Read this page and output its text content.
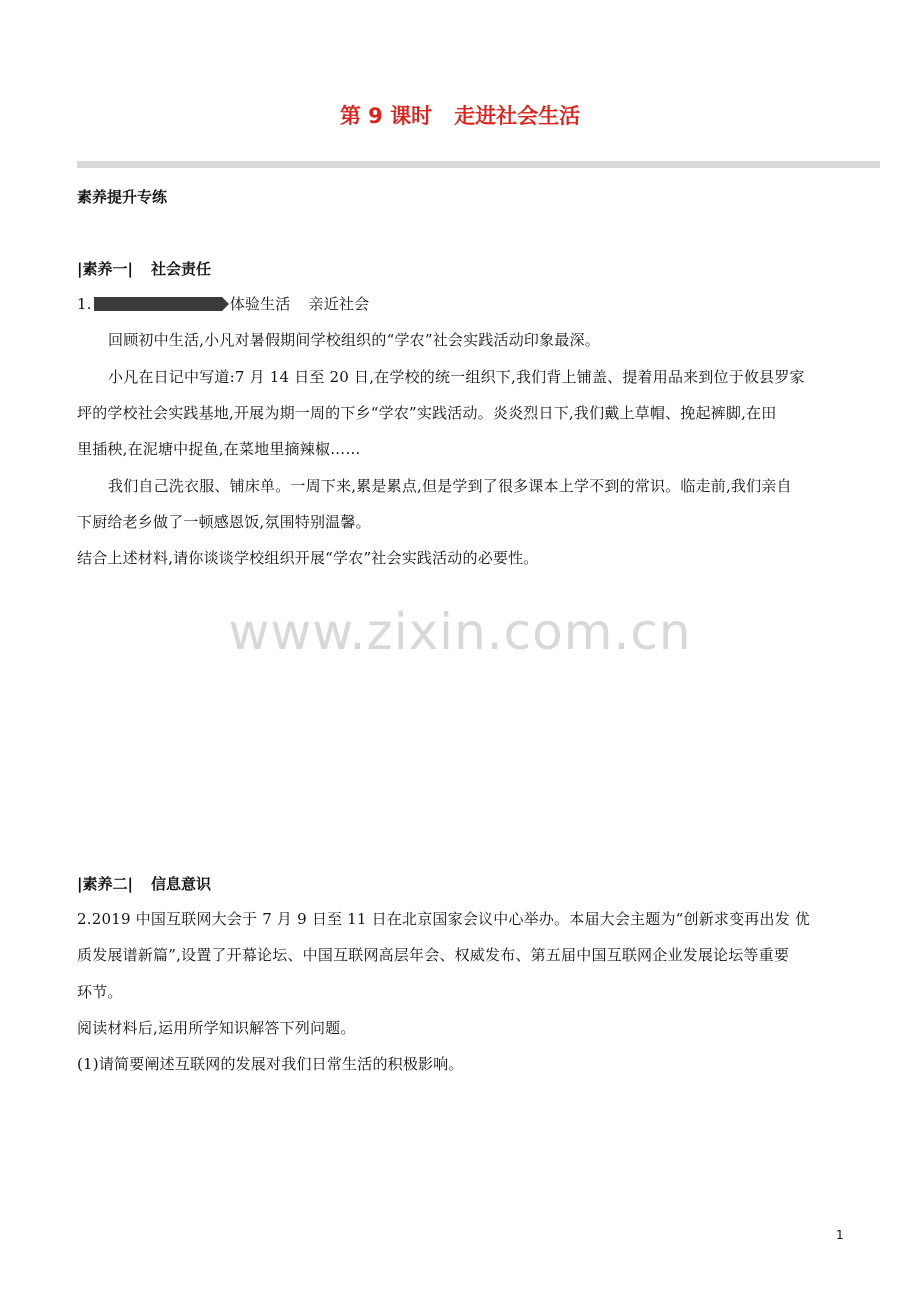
第 9 课时 走进社会生活
素养提升专练
|素养一| 社会责任
1.	体验生活 亲近社会
回顾初中生活,小凡对暑假期间学校组织的“学农”社会实践活动印象最深。
小凡在日记中写道:7 月 14 日至 20 日,在学校的统一组织下,我们背上铺盖、提着用品来到位于攸县罗家
坪的学校社会实践基地,开展为期一周的下乡“学农”实践活动。炎炎烈日下,我们戴上草帽、挽起裤脚,在田
里插秧,在泥塘中捉鱼,在菜地里摘辣椒……
我们自己洗衣服、铺床单。一周下来,累是累点,但是学到了很多课本上学不到的常识。临走前,我们亲自
下厨给老乡做了一顿感恩饭,氛围特别温馨。
结合上述材料,请你谈谈学校组织开展“学农”社会实践活动的必要性。
www.zixin.com.cn
|素养二| 信息意识
2.2019 中国互联网大会于 7 月 9 日至 11 日在北京国家会议中心举办。本届大会主题为“创新求变再出发 优
质发展谱新篇”,设置了开幕论坛、中国互联网高层年会、权威发布、第五届中国互联网企业发展论坛等重要
环节。
阅读材料后,运用所学知识解答下列问题。
(1)请简要阐述互联网的发展对我们日常生活的积极影响。
1
